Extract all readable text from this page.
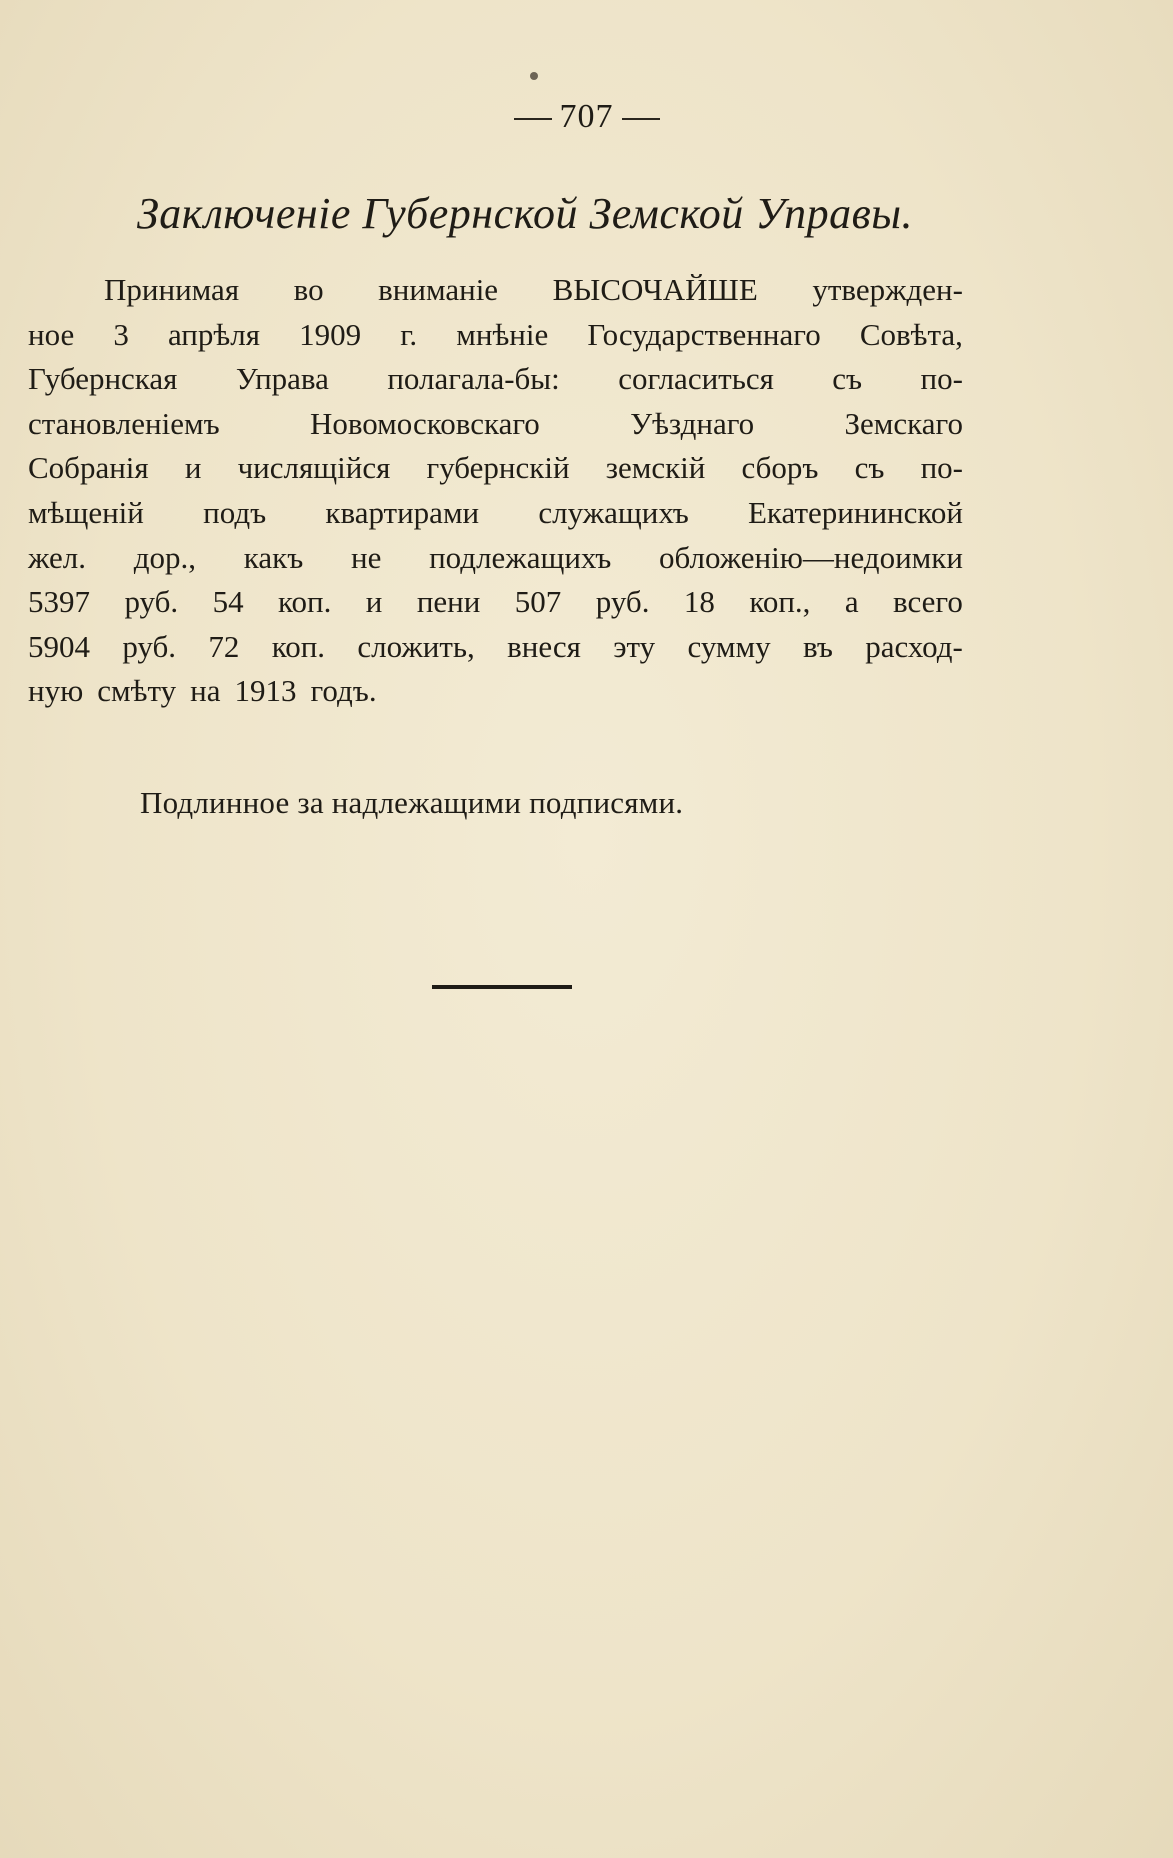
707
Заключенiе Губернской Земской Управы.
Принимая во вниманiе ВЫСОЧАЙШЕ утвержден-
ное 3 апрѣля 1909 г. мнѣнiе Государственнаго Совѣта,
Губернская Управа полагала-бы: согласиться съ по-
становленiемъ	Новомосковскаго	Уѣзднаго	Земскаго
Собранiя и числящiйся губернскiй земскiй сборъ съ по-
мѣщенiй подъ квартирами служащихъ Екатерининской
жел. дор., какъ не подлежащихъ обложенiю—недоимки
5397 руб. 54 коп. и пени 507 руб. 18 коп., а всего
5904 руб. 72 коп. сложить, внеся эту сумму въ расход-
ную смѣту на 1913 годъ.
Подлинное за надлежащими подписями.
